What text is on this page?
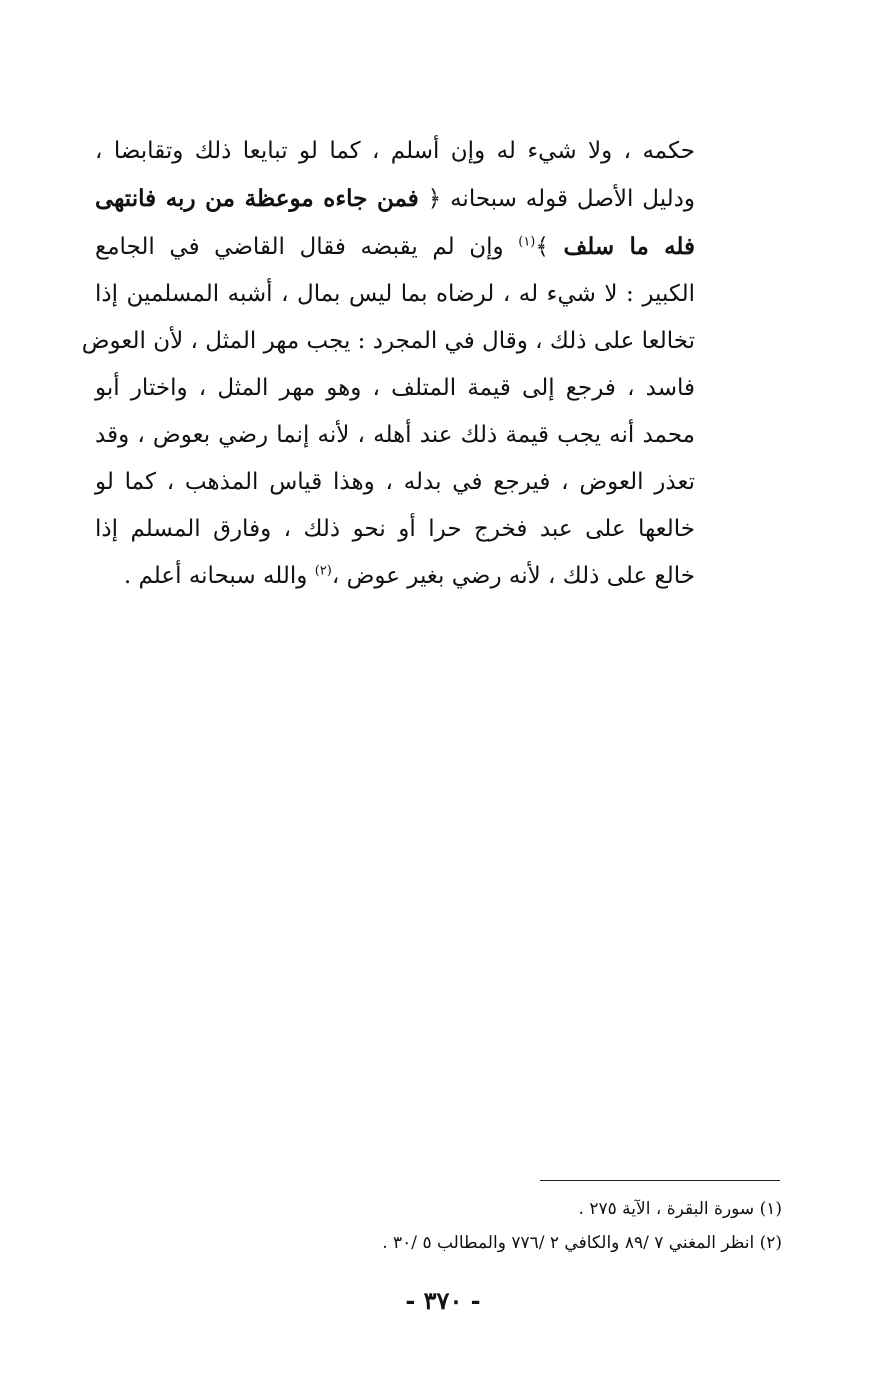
حكمه ، ولا شيء له وإن أسلم ، كما لو تبايعا ذلك وتقابضا ،
ودليل الأصل قوله سبحانه ﴿ فمن جاءه موعظة من ربه فانتهى
فله ما سلف ﴾$^{(١)}$ وإن لم يقبضه فقال القاضي في الجامع
الكبير : لا شيء له ، لرضاه بما ليس بمال ، أشبه المسلمين إذا
تخالعا على ذلك ، وقال في المجرد : يجب مهر المثل ، لأن العوض
فاسد ، فرجع إلى قيمة المتلف ، وهو مهر المثل ، واختار أبو
محمد أنه يجب قيمة ذلك عند أهله ، لأنه إنما رضي بعوض ، وقد
تعذر العوض ، فيرجع في بدله ، وهذا قياس المذهب ، كما لو
خالعها على عبد فخرج حرا أو نحو ذلك ، وفارق المسلم إذا
خالع على ذلك ، لأنه رضي بغير عوض ،$^{(٢)}$ والله سبحانه أعلم .
(١) سورة البقرة ، الآية ٢٧٥ .
(٢) انظر المغني ٧ /٨٩ والكافي ٢ /٧٧٦ والمطالب ٥ /٣٠ .
- ٣٧٠ -
